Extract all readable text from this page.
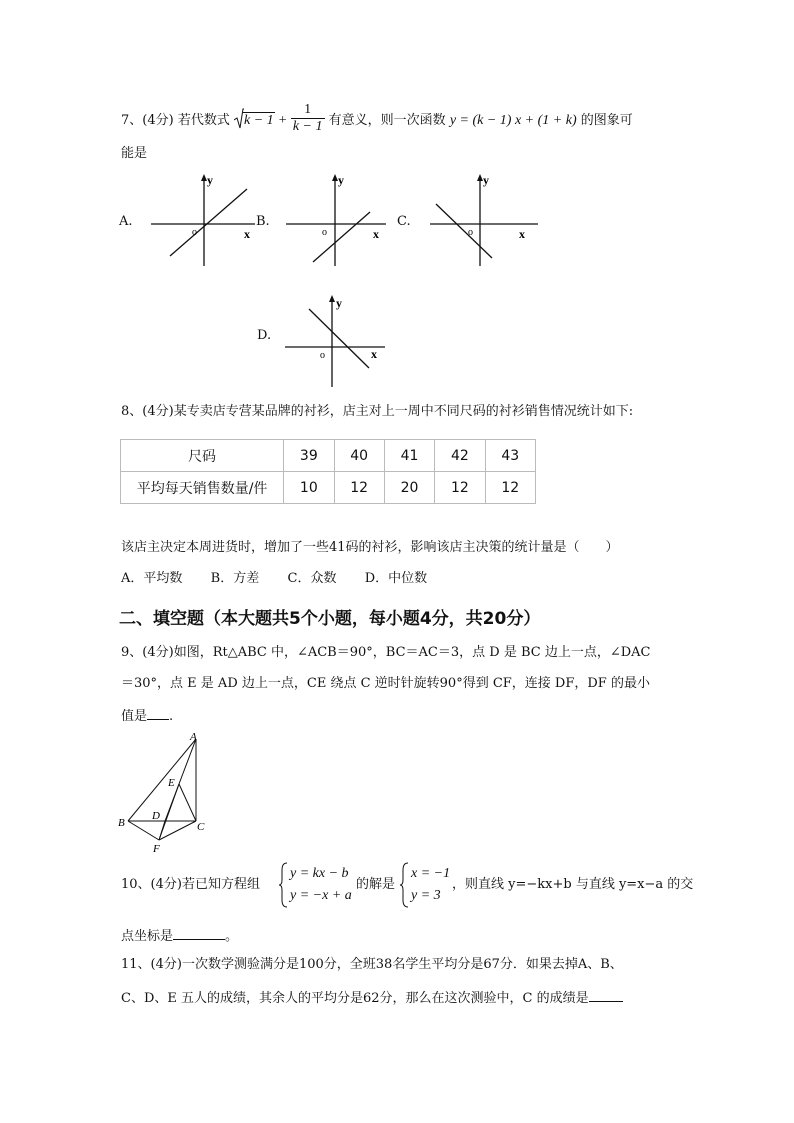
7、(4分) 若代数式 $k - 1 + \frac{1}{k - 1}$ 有意义，则一次函数 y = (k − 1) x + (1 + k) 的图象可
能是
A.
y
x
o
B.
y
x
o
C.
y
x
o
D.
y
x
o
8、(4分)某专卖店专营某品牌的衬衫，店主对上一周中不同尺码的衬衫销售情况统计如下:
尺码	39	40	41	42	43
平均每天销售数量/件	10	12	20	12	12
该店主决定本周进货时，增加了一些41码的衬衫，影响该店主决策的统计量是（　　）
A．平均数 B．方差 C．众数 D．中位数
二、填空题（本大题共5个小题，每小题4分，共20分）
9、(4分)如图，Rt△ABC 中，∠ACB＝90°，BC＝AC＝3，点 D 是 BC 边上一点，∠DAC
＝30°，点 E 是 AD 边上一点，CE 绕点 C 逆时针旋转90°得到 CF，连接 DF，DF 的最小
值是 .
A
B	C
D
E
F
10、(4分)若已知方程组
y = kx − b
y = −x + a
的解是
x = −1
y = 3
，则直线 y=−kx+b 与直线 y=x−a 的交
点坐标是	。
11、(4分)一次数学测验满分是100分，全班38名学生平均分是67分．如果去掉A、B、
C、D、E 五人的成绩，其余人的平均分是62分，那么在这次测验中，C 的成绩是
